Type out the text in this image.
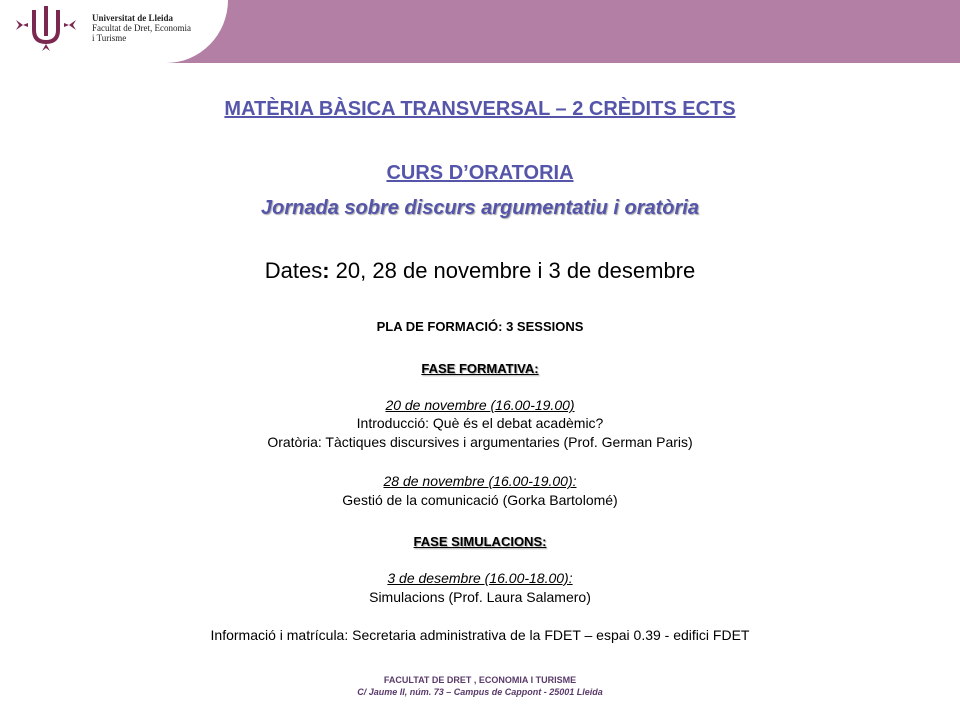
Universitat de Lleida
Facultat de Dret, Economia
i Turisme
MATÈRIA BÀSICA TRANSVERSAL – 2 CRÈDITS ECTS
CURS D’ORATORIA
Jornada sobre discurs argumentatiu i oratòria
Dates: 20, 28 de novembre i 3 de desembre
PLA DE FORMACIÓ: 3 SESSIONS
FASE FORMATIVA:
20 de novembre (16.00-19.00)
Introducció: Què és el debat acadèmic?
Oratòria: Tàctiques discursives i argumentaries (Prof. German Paris)
28 de novembre (16.00-19.00):
Gestió de la comunicació (Gorka Bartolomé)
FASE SIMULACIONS:
3 de desembre (16.00-18.00):
Simulacions (Prof. Laura Salamero)
Informació i matrícula: Secretaria administrativa de la FDET – espai 0.39 - edifici FDET
FACULTAT DE DRET , ECONOMIA I TURISME
C/ Jaume II, núm. 73 – Campus de Cappont - 25001 Lleida
